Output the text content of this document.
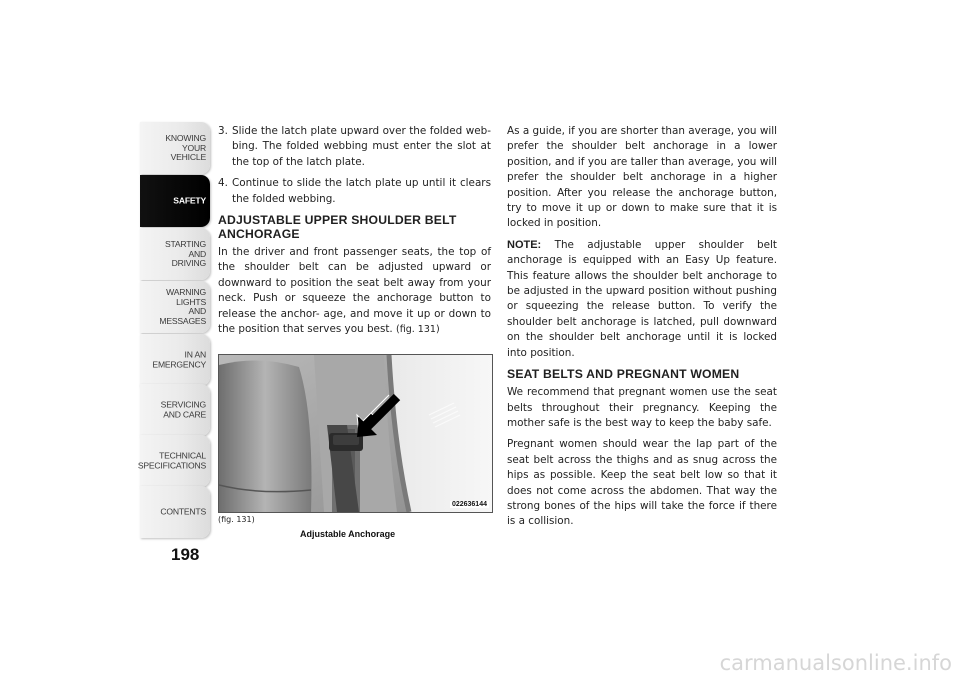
KNOWING
YOUR
VEHICLE
SAFETY
STARTING
AND
DRIVING
WARNING
LIGHTS
AND
MESSAGES
IN AN
EMERGENCY
SERVICING
AND CARE
TECHNICAL
SPECIFICATIONS
CONTENTS
198
3. Slide the latch plate upward over the folded web- bing. The folded webbing must enter the slot at the top of the latch plate.
4. Continue to slide the latch plate up until it clears the folded webbing.
ADJUSTABLE UPPER SHOULDER BELT ANCHORAGE

In the driver and front passenger seats, the top of the shoulder belt can be adjusted upward or downward to position the seat belt away from your neck. Push or squeeze the anchorage button to release the anchor- age, and move it up or down to the position that serves you best. (fig. 131)

022636144
(fig. 131)
Adjustable Anchorage

As a guide, if you are shorter than average, you will prefer the shoulder belt anchorage in a lower position, and if you are taller than average, you will prefer the shoulder belt anchorage in a higher position. After you release the anchorage button, try to move it up or down to make sure that it is locked in position.

NOTE: The adjustable upper shoulder belt anchorage is equipped with an Easy Up feature. This feature allows the shoulder belt anchorage to be adjusted in the upward position without pushing or squeezing the release button. To verify the shoulder belt anchorage is latched, pull downward on the shoulder belt anchorage until it is locked into position.

SEAT BELTS AND PREGNANT WOMEN

We recommend that pregnant women use the seat belts throughout their pregnancy. Keeping the mother safe is the best way to keep the baby safe.

Pregnant women should wear the lap part of the seat belt across the thighs and as snug across the hips as possible. Keep the seat belt low so that it does not come across the abdomen. That way the strong bones of the hips will take the force if there is a collision.

carmanualsonline.info
